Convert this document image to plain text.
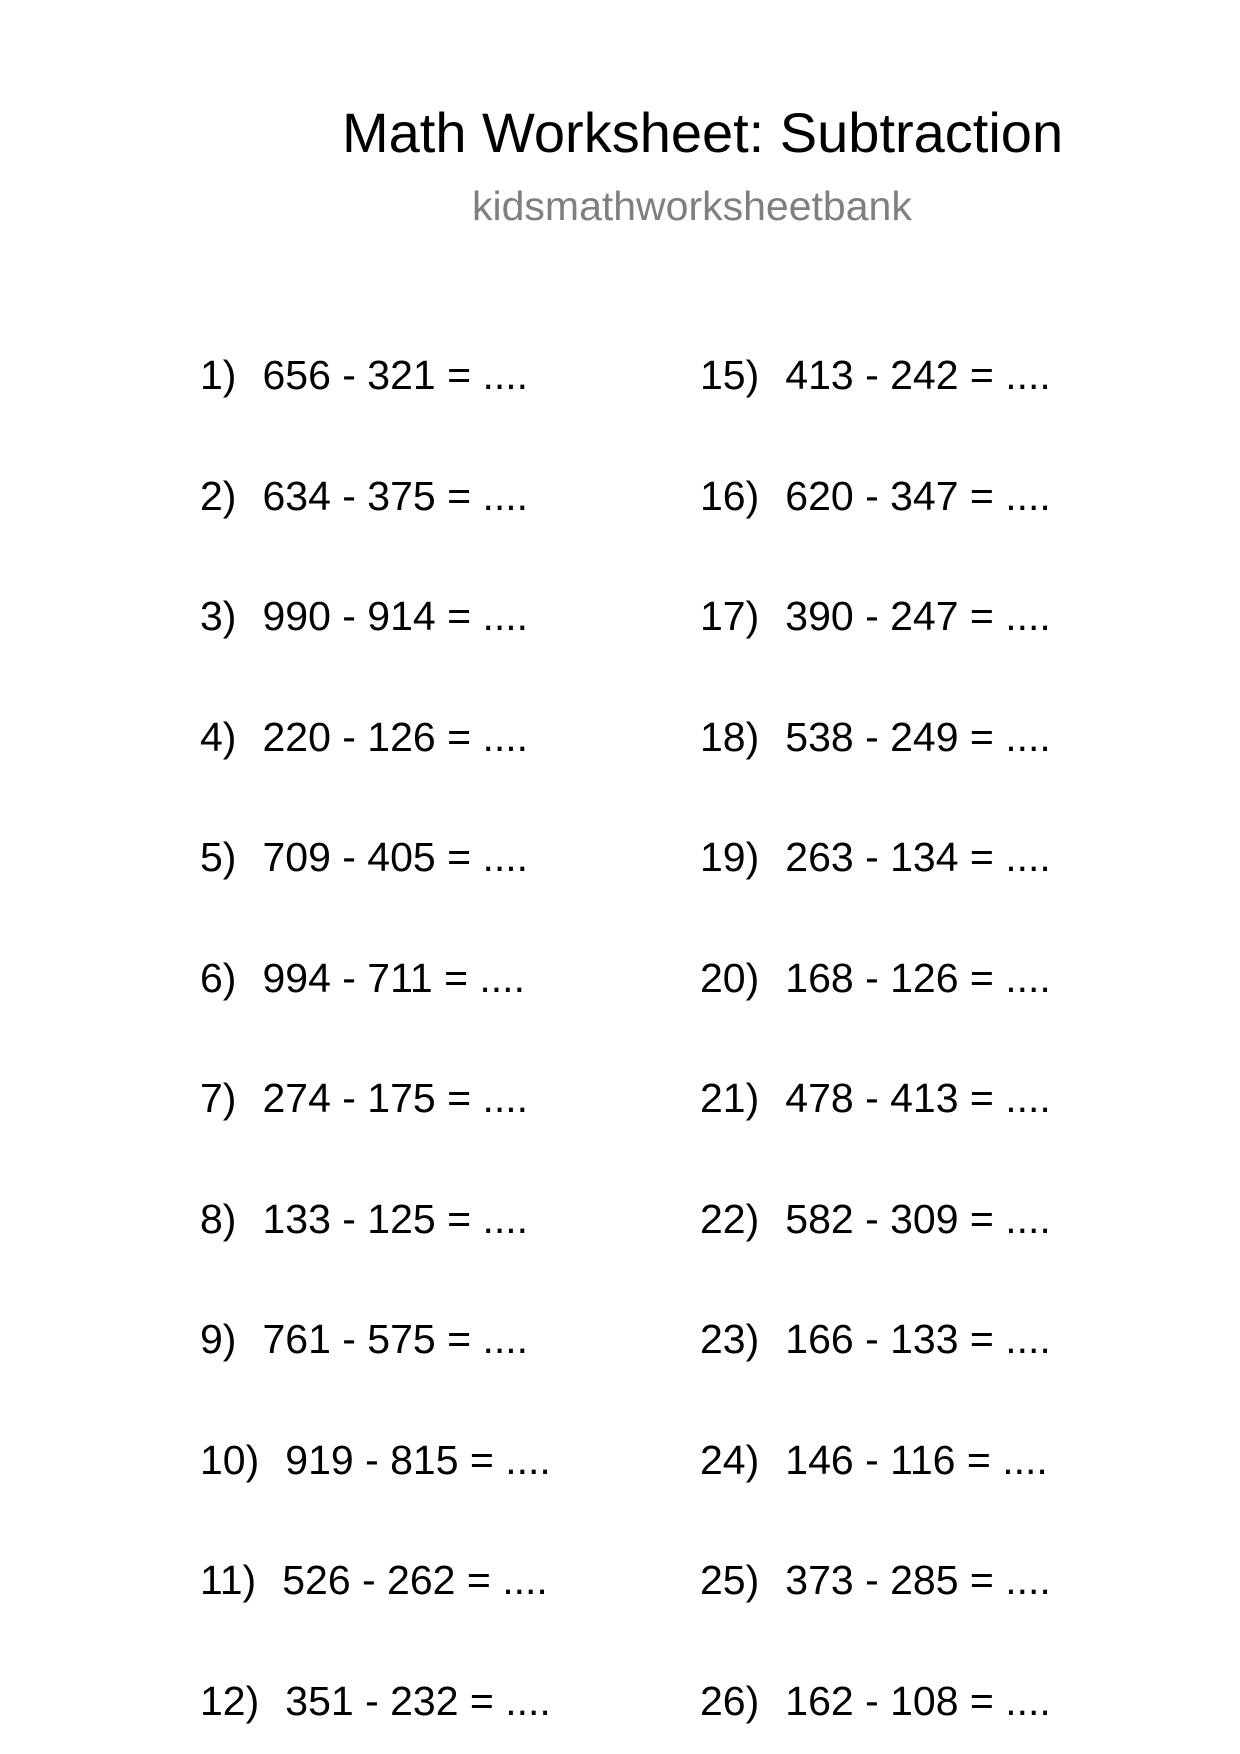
Math Worksheet: Subtraction
kidsmathworksheetbank
1) 656 - 321 = ....
2) 634 - 375 = ....
3) 990 - 914 = ....
4) 220 - 126 = ....
5) 709 - 405 = ....
6) 994 - 711 = ....
7) 274 - 175 = ....
8) 133 - 125 = ....
9) 761 - 575 = ....
10) 919 - 815 = ....
11) 526 - 262 = ....
12) 351 - 232 = ....
15) 413 - 242 = ....
16) 620 - 347 = ....
17) 390 - 247 = ....
18) 538 - 249 = ....
19) 263 - 134 = ....
20) 168 - 126 = ....
21) 478 - 413 = ....
22) 582 - 309 = ....
23) 166 - 133 = ....
24) 146 - 116 = ....
25) 373 - 285 = ....
26) 162 - 108 = ....
